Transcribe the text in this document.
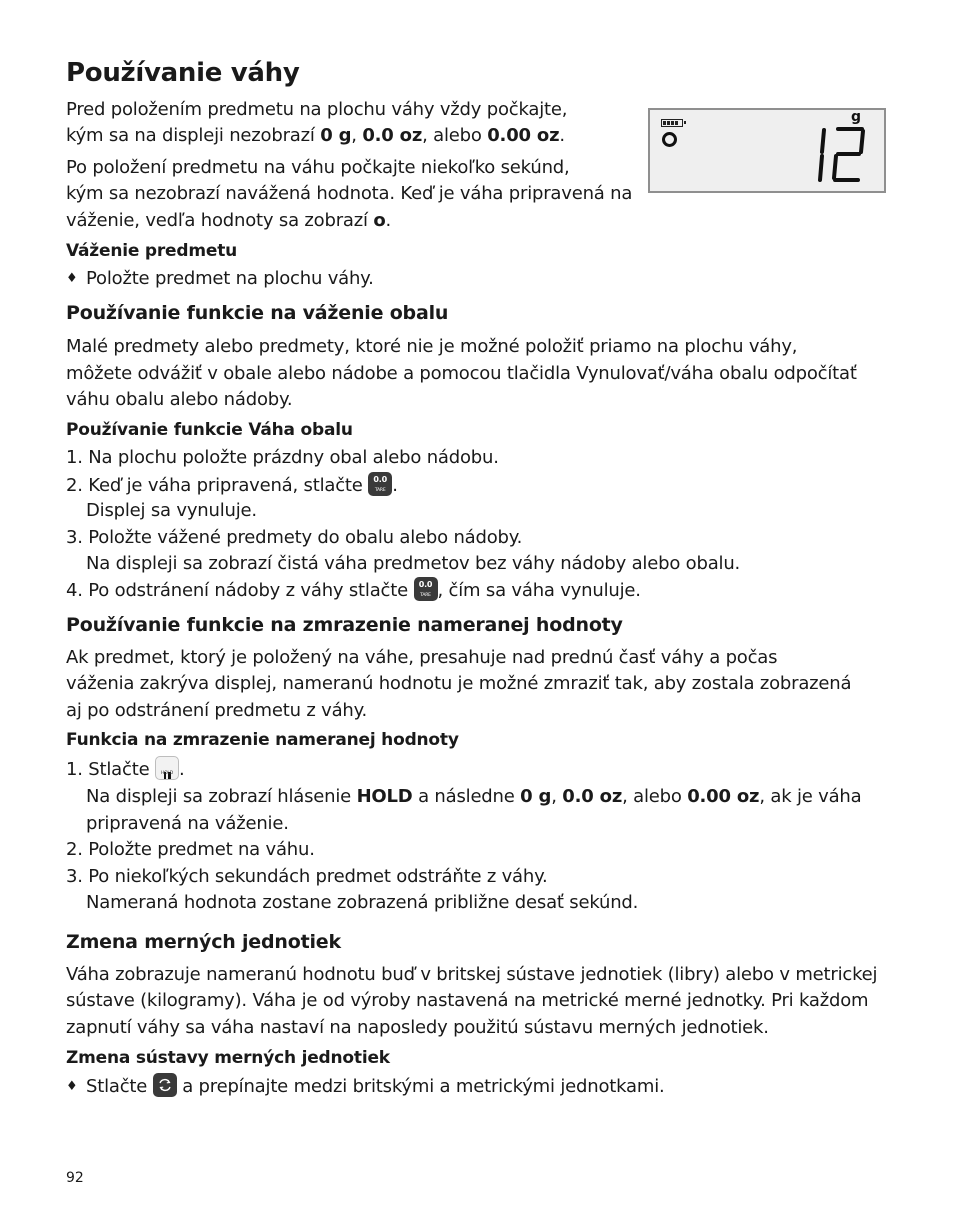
Používanie váhy
Pred položením predmetu na plochu váhy vždy počkajte,
kým sa na displeji nezobrazí 0 g, 0.0 oz, alebo 0.00 oz.
Po položení predmetu na váhu počkajte niekoľko sekúnd,
kým sa nezobrazí navážená hodnota. Keď je váha pripravená na
váženie, vedľa hodnoty sa zobrazí o.
Váženie predmetu
♦ Položte predmet na plochu váhy.
Používanie funkcie na váženie obalu
Malé predmety alebo predmety, ktoré nie je možné položiť priamo na plochu váhy,
môžete odvážiť v obale alebo nádobe a pomocou tlačidla Vynulovať/váha obalu odpočítať
váhu obalu alebo nádoby.
Používanie funkcie Váha obalu
1. Na plochu položte prázdny obal alebo nádobu.
2. Keď je váha pripravená, stlačte 0.0
TARE .
Displej sa vynuluje.
3. Položte vážené predmety do obalu alebo nádoby.
Na displeji sa zobrazí čistá váha predmetov bez váhy nádoby alebo obalu.
4. Po odstránení nádoby z váhy stlačte 0.0
TARE , čím sa váha vynuluje.
Používanie funkcie na zmrazenie nameranej hodnoty
Ak predmet, ktorý je položený na váhe, presahuje nad prednú časť váhy a počas
váženia zakrýva displej, nameranú hodnotu je možné zmraziť tak, aby zostala zobrazená
aj po odstránení predmetu z váhy.
Funkcia na zmrazenie nameranej hodnoty
1. Stlačte	HOLD .
Na displeji sa zobrazí hlásenie HOLD a následne 0 g, 0.0 oz, alebo 0.00 oz, ak je váha
pripravená na váženie.
2. Položte predmet na váhu.
3. Po niekoľkých sekundách predmet odstráňte z váhy.
Nameraná hodnota zostane zobrazená približne desať sekúnd.
Zmena merných jednotiek
Váha zobrazuje nameranú hodnotu buď v britskej sústave jednotiek (libry) alebo v metrickej
sústave (kilogramy). Váha je od výroby nastavená na metrické merné jednotky. Pri každom
zapnutí váhy sa váha nastaví na naposledy použitú sústavu merných jednotiek.
Zmena sústavy merných jednotiek
♦ Stlačte
a prepínajte medzi britskými a metrickými jednotkami.
92
g
